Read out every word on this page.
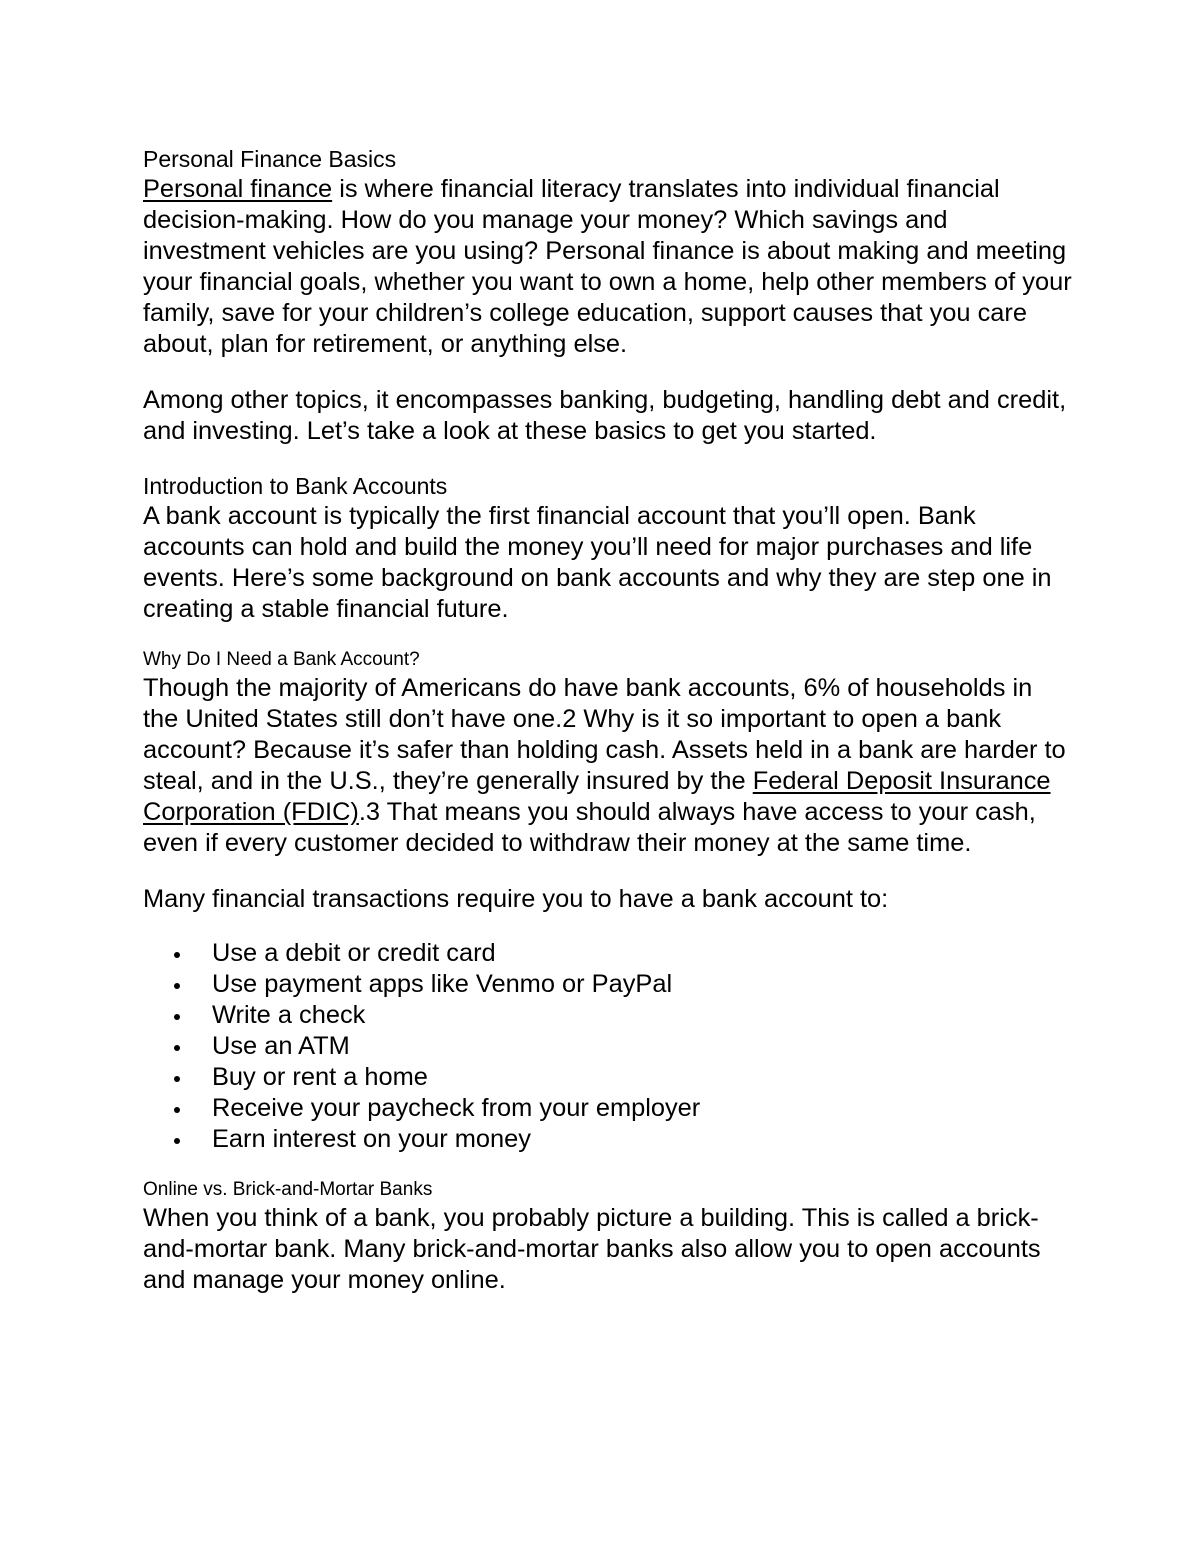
Personal Finance Basics

Personal finance is where financial literacy translates into individual financial decision-making. How do you manage your money? Which savings and investment vehicles are you using? Personal finance is about making and meeting your financial goals, whether you want to own a home, help other members of your family, save for your children’s college education, support causes that you care about, plan for retirement, or anything else.

Among other topics, it encompasses banking, budgeting, handling debt and credit, and investing. Let’s take a look at these basics to get you started.

Introduction to Bank Accounts

A bank account is typically the first financial account that you’ll open. Bank accounts can hold and build the money you’ll need for major purchases and life events. Here’s some background on bank accounts and why they are step one in creating a stable financial future.

Why Do I Need a Bank Account?

Though the majority of Americans do have bank accounts, 6% of households in the United States still don’t have one.2 Why is it so important to open a bank account? Because it’s safer than holding cash. Assets held in a bank are harder to steal, and in the U.S., they’re generally insured by the Federal Deposit Insurance Corporation (FDIC).3 That means you should always have access to your cash, even if every customer decided to withdraw their money at the same time.

Many financial transactions require you to have a bank account to:

Use a debit or credit card
Use payment apps like Venmo or PayPal
Write a check
Use an ATM
Buy or rent a home
Receive your paycheck from your employer
Earn interest on your money
Online vs. Brick-and-Mortar Banks

When you think of a bank, you probably picture a building. This is called a brick-and-mortar bank. Many brick-and-mortar banks also allow you to open accounts and manage your money online.
